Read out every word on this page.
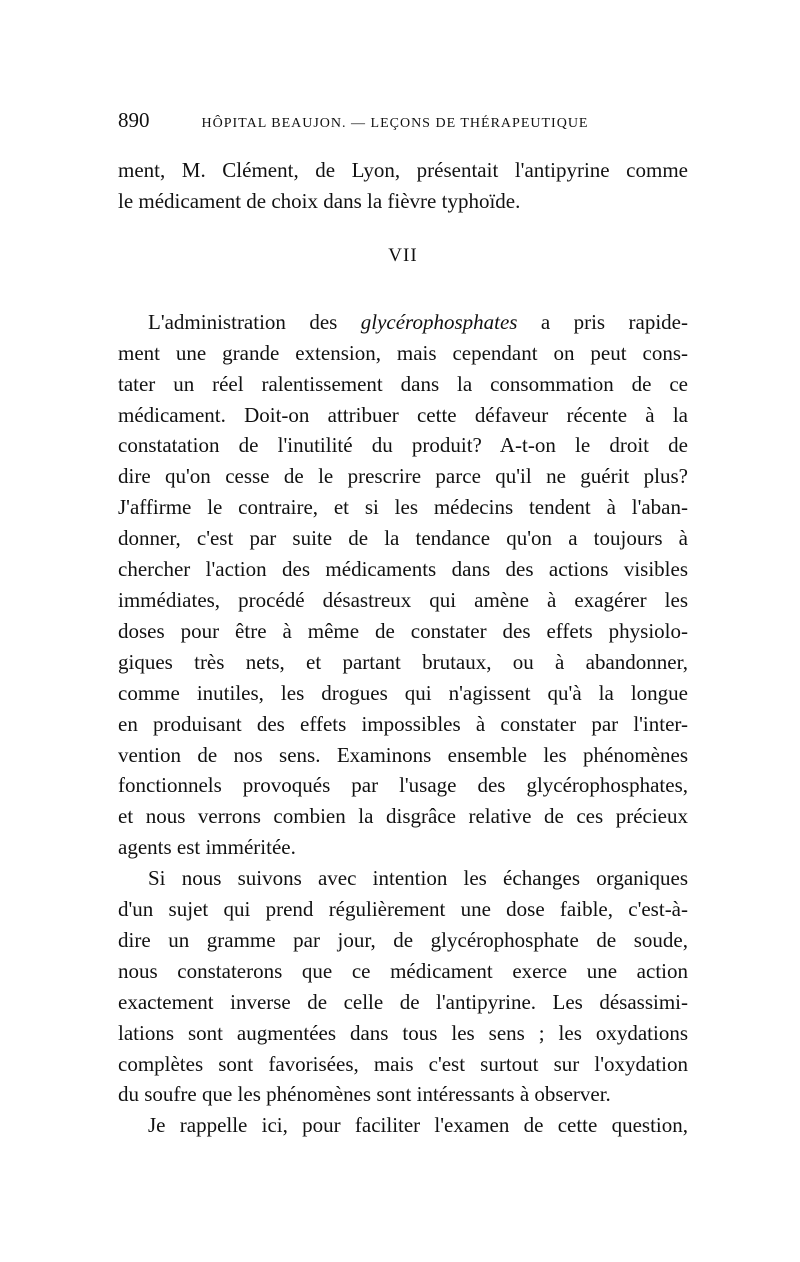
890	HÔPITAL BEAUJON. — LEÇONS DE THÉRAPEUTIQUE

ment, M. Clément, de Lyon, présentait l'antipyrine comme

le médicament de choix dans la fièvre typhoïde.

VII

L'administration des glycérophosphates a pris rapide-

ment une grande extension, mais cependant on peut cons-

tater un réel ralentissement dans la consommation de ce

médicament. Doit-on attribuer cette défaveur récente à la

constatation de l'inutilité du produit? A-t-on le droit de

dire qu'on cesse de le prescrire parce qu'il ne guérit plus?

J'affirme le contraire, et si les médecins tendent à l'aban-

donner, c'est par suite de la tendance qu'on a toujours à

chercher l'action des médicaments dans des actions visibles

immédiates, procédé désastreux qui amène à exagérer les

doses pour être à même de constater des effets physiolo-

giques très nets, et partant brutaux, ou à abandonner,

comme inutiles, les drogues qui n'agissent qu'à la longue

en produisant des effets impossibles à constater par l'inter-

vention de nos sens. Examinons ensemble les phénomènes

fonctionnels provoqués par l'usage des glycérophosphates,

et nous verrons combien la disgrâce relative de ces précieux

agents est imméritée.

Si nous suivons avec intention les échanges organiques

d'un sujet qui prend régulièrement une dose faible, c'est-à-

dire un gramme par jour, de glycérophosphate de soude,

nous constaterons que ce médicament exerce une action

exactement inverse de celle de l'antipyrine. Les désassimi-

lations sont augmentées dans tous les sens ; les oxydations

complètes sont favorisées, mais c'est surtout sur l'oxydation

du soufre que les phénomènes sont intéressants à observer.

Je rappelle ici, pour faciliter l'examen de cette question,
